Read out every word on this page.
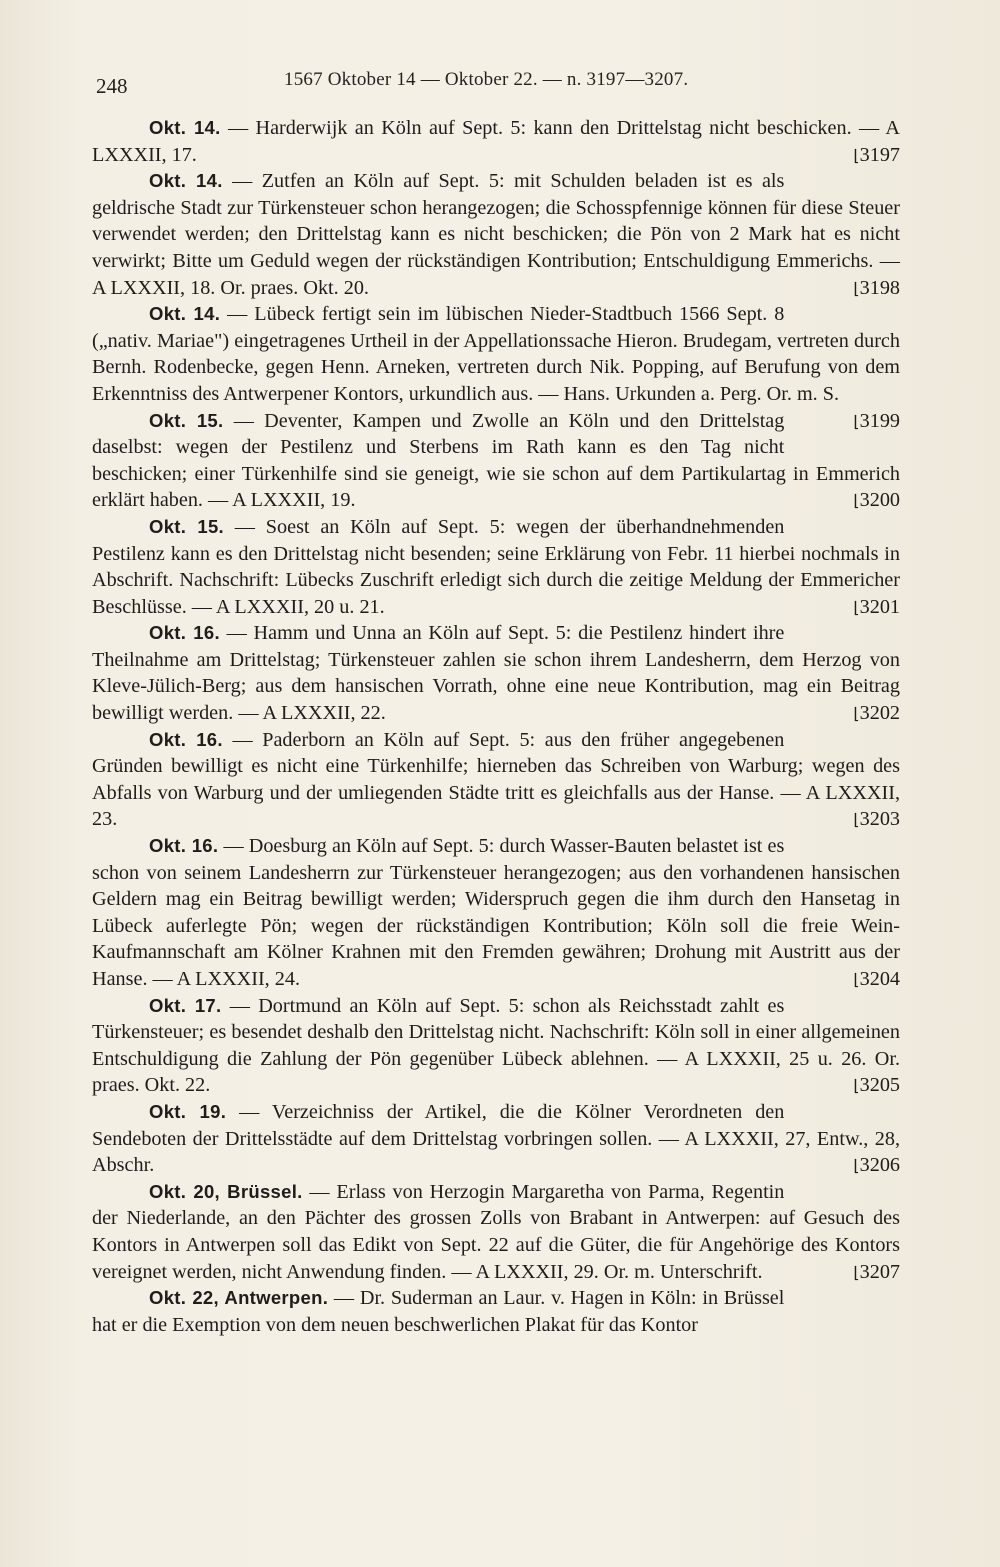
248	1567 Oktober 14 — Oktober 22. — n. 3197—3207.

Okt. 14. — Harderwijk an Köln auf Sept. 5: kann den Drittelstag nicht beschicken. — A LXXXII, 17.	⌊ 3197

Okt. 14. — Zutfen an Köln auf Sept. 5: mit Schulden beladen ist es als geldrische Stadt zur Türkensteuer schon herangezogen; die Schosspfennige können für diese Steuer verwendet werden; den Drittelstag kann es nicht beschicken; die Pön von 2 Mark hat es nicht verwirkt; Bitte um Geduld wegen der rückständigen Kontribution; Entschuldigung Emmerichs. — A LXXXII, 18. Or. praes. Okt. 20.	⌊ 3198

Okt. 14. — Lübeck fertigt sein im lübischen Nieder-Stadtbuch 1566 Sept. 8 („nativ. Mariae") eingetragenes Urtheil in der Appellationssache Hieron. Brudegam, vertreten durch Bernh. Rodenbecke, gegen Henn. Arneken, vertreten durch Nik. Popping, auf Berufung von dem Erkenntniss des Antwerpener Kontors, urkundlich aus. — Hans. Urkunden a. Perg. Or. m. S.
⌊ 3199

Okt. 15. — Deventer, Kampen und Zwolle an Köln und den Drittelstag daselbst: wegen der Pestilenz und Sterbens im Rath kann es den Tag nicht beschicken; einer Türkenhilfe sind sie geneigt, wie sie schon auf dem Partikulartag in Emmerich erklärt haben. — A LXXXII, 19.	⌊ 3200

Okt. 15. — Soest an Köln auf Sept. 5: wegen der überhandnehmenden Pestilenz kann es den Drittelstag nicht besenden; seine Erklärung von Febr. 11 hierbei nochmals in Abschrift. Nachschrift: Lübecks Zuschrift erledigt sich durch die zeitige Meldung der Emmericher Beschlüsse. — A LXXXII, 20 u. 21.	⌊ 3201

Okt. 16. — Hamm und Unna an Köln auf Sept. 5: die Pestilenz hindert ihre Theilnahme am Drittelstag; Türkensteuer zahlen sie schon ihrem Landesherrn, dem Herzog von Kleve-Jülich-Berg; aus dem hansischen Vorrath, ohne eine neue Kontribution, mag ein Beitrag bewilligt werden. — A LXXXII, 22.	⌊ 3202

Okt. 16. — Paderborn an Köln auf Sept. 5: aus den früher angegebenen Gründen bewilligt es nicht eine Türkenhilfe; hierneben das Schreiben von Warburg; wegen des Abfalls von Warburg und der umliegenden Städte tritt es gleichfalls aus der Hanse. — A LXXXII, 23.	⌊ 3203

Okt. 16. — Doesburg an Köln auf Sept. 5: durch Wasser-Bauten belastet ist es schon von seinem Landesherrn zur Türkensteuer herangezogen; aus den vorhandenen hansischen Geldern mag ein Beitrag bewilligt werden; Widerspruch gegen die ihm durch den Hansetag in Lübeck auferlegte Pön; wegen der rückständigen Kontribution; Köln soll die freie Wein-Kaufmannschaft am Kölner Krahnen mit den Fremden gewähren; Drohung mit Austritt aus der Hanse. — A LXXXII, 24.	⌊ 3204

Okt. 17. — Dortmund an Köln auf Sept. 5: schon als Reichsstadt zahlt es Türkensteuer; es besendet deshalb den Drittelstag nicht. Nachschrift: Köln soll in einer allgemeinen Entschuldigung die Zahlung der Pön gegenüber Lübeck ablehnen. — A LXXXII, 25 u. 26. Or. praes. Okt. 22.	⌊ 3205

Okt. 19. — Verzeichniss der Artikel, die die Kölner Verordneten den Sendeboten der Drittelsstädte auf dem Drittelstag vorbringen sollen. — A LXXXII, 27, Entw., 28, Abschr.	⌊ 3206

Okt. 20, Brüssel. — Erlass von Herzogin Margaretha von Parma, Regentin der Niederlande, an den Pächter des grossen Zolls von Brabant in Antwerpen: auf Gesuch des Kontors in Antwerpen soll das Edikt von Sept. 22 auf die Güter, die für Angehörige des Kontors vereignet werden, nicht Anwendung finden. — A LXXXII, 29. Or. m. Unterschrift.	⌊ 3207

Okt. 22, Antwerpen. — Dr. Suderman an Laur. v. Hagen in Köln: in Brüssel hat er die Exemption von dem neuen beschwerlichen Plakat für das Kontor
